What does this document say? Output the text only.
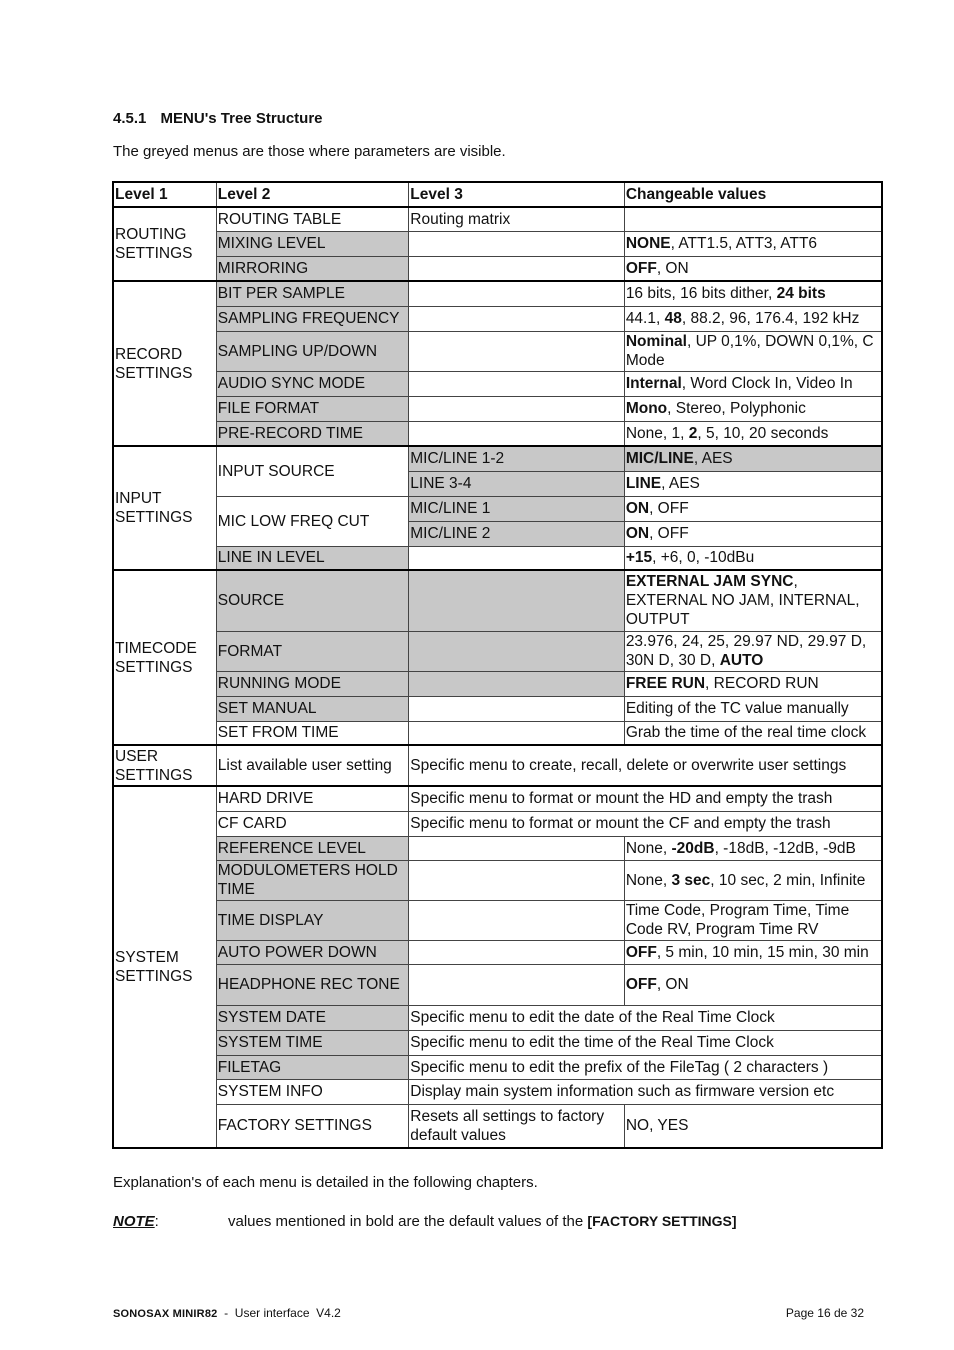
4.5.1 MENU's Tree Structure
The greyed menus are those where parameters are visible.
Level 1	Level 2	Level 3	Changeable values
ROUTING SETTINGS	ROUTING TABLE	Routing matrix	
	MIXING LEVEL		NONE, ATT1.5, ATT3, ATT6
	MIRRORING		OFF, ON
RECORD SETTINGS	BIT PER SAMPLE		16 bits, 16 bits dither, 24 bits
	SAMPLING FREQUENCY		44.1, 48, 88.2, 96, 176.4, 192 kHz
	SAMPLING UP/DOWN		Nominal, UP 0,1%, DOWN 0,1%, C Mode
	AUDIO SYNC MODE		Internal, Word Clock In, Video In
	FILE FORMAT		Mono, Stereo, Polyphonic
	PRE-RECORD TIME		None, 1, 2, 5, 10, 20 seconds
INPUT SETTINGS	INPUT SOURCE	MIC/LINE 1-2	MIC/LINE, AES
		LINE 3-4	LINE, AES
	MIC LOW FREQ CUT	MIC/LINE 1	ON, OFF
		MIC/LINE 2	ON, OFF
	LINE IN LEVEL		+15, +6, 0, -10dBu
TIMECODE SETTINGS	SOURCE		EXTERNAL JAM SYNC, EXTERNAL NO JAM, INTERNAL, OUTPUT
	FORMAT		23.976, 24, 25, 29.97 ND, 29.97 D, 30N D, 30 D, AUTO
	RUNNING MODE		FREE RUN, RECORD RUN
	SET MANUAL		Editing of the TC value manually
	SET FROM TIME		Grab the time of the real time clock
USER SETTINGS	List available user setting	Specific menu to create, recall, delete or overwrite user settings	
SYSTEM SETTINGS	HARD DRIVE	Specific menu to format or mount the HD and empty the trash	
	CF CARD	Specific menu to format or mount the CF and empty the trash	
	REFERENCE LEVEL		None, -20dB, -18dB, -12dB, -9dB
	MODULOMETERS HOLD TIME		None, 3 sec, 10 sec, 2 min, Infinite
	TIME DISPLAY		Time Code, Program Time, Time Code RV, Program Time RV
	AUTO POWER DOWN		OFF, 5 min, 10 min, 15 min, 30 min
	HEADPHONE REC TONE		OFF, ON
	SYSTEM DATE	Specific menu to edit the date of the Real Time Clock	
	SYSTEM TIME	Specific menu to edit the time of the Real Time Clock	
	FILETAG	Specific menu to edit the prefix of the FileTag ( 2 characters )	
	SYSTEM INFO	Display main system information such as firmware version etc	
	FACTORY SETTINGS	Resets all settings to factory default values	NO, YES
Explanation's of each menu is detailed in the following chapters.
NOTE:	values mentioned in bold are the default values of the [FACTORY SETTINGS]
SONOSAX MINIR82  -  User interface  V4.2	Page 16 de 32
